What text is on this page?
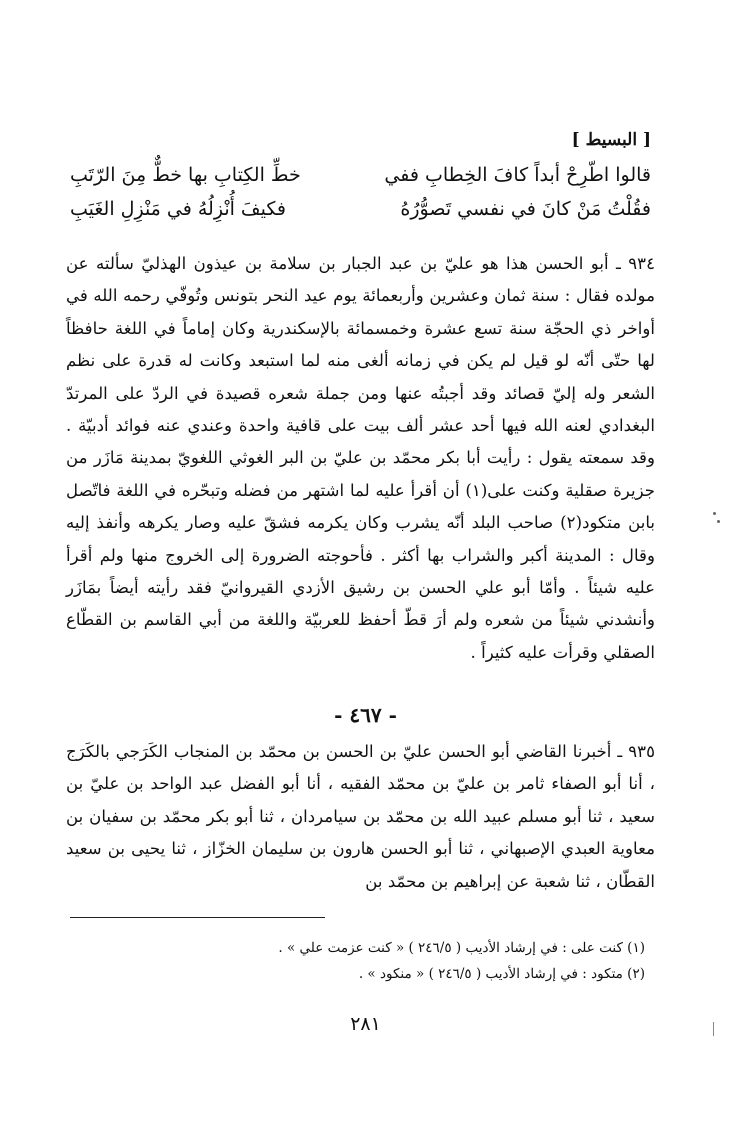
[ البسيط ]
قالوا اطّرِحْ أبداً كافَ الخِطابِ ففي
خطِّ الكِتابِ بها خطٌّ مِنَ الرّتَبِ
فقُلْتُ مَنْ كانَ في نفسي تَصوُّرُهُ
فكيفَ أُنْزِلُهُ في مَنْزِلِ الغَيَبِ
٩٣٤ ـ أبو الحسن هذا هو عليّ بن عبد الجبار بن سلامة بن عيذون الهذليّ سألته عن مولده فقال : سنة ثمان وعشرين وأربعمائة يوم عيد النحر بتونس وتُوفّي رحمه الله في أواخر ذي الحجّة سنة تسع عشرة وخمسمائة بالإسكندرية وكان إماماً في اللغة حافظاً لها حتّى أنّه لو قيل لم يكن في زمانه ألغى منه لما استبعد وكانت له قدرة على نظم الشعر وله إليّ قصائد وقد أجبتُه عنها ومن جملة شعره قصيدة في الردّ على المرتدّ البغدادي لعنه الله فيها أحد عشر ألف بيت على قافية واحدة وعندي عنه فوائد أدبيّة . وقد سمعته يقول : رأيت أبا بكر محمّد بن عليّ بن البر الغوثي اللغويّ بمدينة مَازَر من جزيرة صقلية وكنت على(١) أن أقرأ عليه لما اشتهر من فضله وتبحّره في اللغة فاتّصل بابن متكود(٢) صاحب البلد أنّه يشرب وكان يكرمه فشقّ عليه وصار يكرهه وأنفذ إليه وقال : المدينة أكبر والشراب بها أكثر . فأحوجته الضرورة إلى الخروج منها ولم أقرأ عليه شيئاً . وأمّا أبو علي الحسن بن رشيق الأزدي القيروانيّ فقد رأيته أيضاً بمَازَر وأنشدني شيئاً من شعره ولم أرَ قطّ أحفظ للعربيّة واللغة من أبي القاسم بن القطّاع الصقلي وقرأت عليه كثيراً .
- ٤٦٧ -
٩٣٥ ـ أخبرنا القاضي أبو الحسن عليّ بن الحسن بن محمّد بن المنجاب الكَرَجي بالكَرَج ، أنا أبو الصفاء ثامر بن عليّ بن محمّد الفقيه ، أنا أبو الفضل عبد الواحد بن عليّ بن سعيد ، ثنا أبو مسلم عبيد الله بن محمّد بن سيامردان ، ثنا أبو بكر محمّد بن سفيان بن معاوية العبدي الإصبهاني ، ثنا أبو الحسن هارون بن سليمان الخزّاز ، ثنا يحيى بن سعيد القطّان ، ثنا شعبة عن إبراهيم بن محمّد بن
(١) كنت على : في إرشاد الأديب ( ٢٤٦/٥ ) « كنت عزمت علي » .
(٢) متكود : في إرشاد الأديب ( ٢٤٦/٥ ) « منكود » .
٢٨١
